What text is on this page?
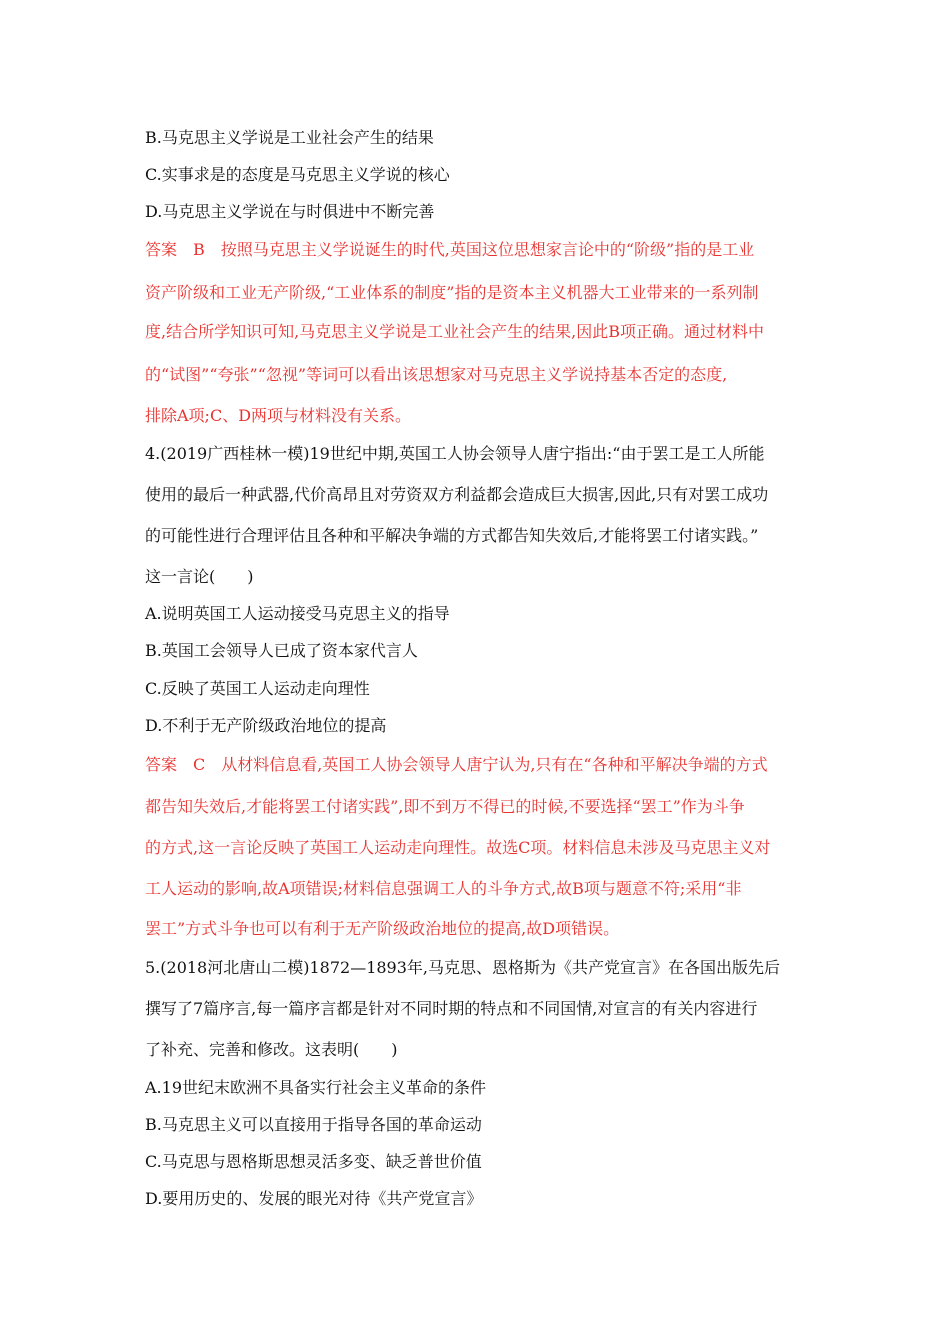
B.马克思主义学说是工业社会产生的结果
C.实事求是的态度是马克思主义学说的核心
D.马克思主义学说在与时俱进中不断完善
答案　B　按照马克思主义学说诞生的时代,英国这位思想家言论中的“阶级”指的是工业
资产阶级和工业无产阶级,“工业体系的制度”指的是资本主义机器大工业带来的一系列制
度,结合所学知识可知,马克思主义学说是工业社会产生的结果,因此B项正确。通过材料中
的“试图”“夸张”“忽视”等词可以看出该思想家对马克思主义学说持基本否定的态度,
排除A项;C、D两项与材料没有关系。
4.(2019广西桂林一模)19世纪中期,英国工人协会领导人唐宁指出:“由于罢工是工人所能
使用的最后一种武器,代价高昂且对劳资双方利益都会造成巨大损害,因此,只有对罢工成功
的可能性进行合理评估且各种和平解决争端的方式都告知失效后,才能将罢工付诸实践。”
这一言论(　　)
A.说明英国工人运动接受马克思主义的指导
B.英国工会领导人已成了资本家代言人
C.反映了英国工人运动走向理性
D.不利于无产阶级政治地位的提高
答案　C　从材料信息看,英国工人协会领导人唐宁认为,只有在“各种和平解决争端的方式
都告知失效后,才能将罢工付诸实践”,即不到万不得已的时候,不要选择“罢工”作为斗争
的方式,这一言论反映了英国工人运动走向理性。故选C项。材料信息未涉及马克思主义对
工人运动的影响,故A项错误;材料信息强调工人的斗争方式,故B项与题意不符;采用“非
罢工”方式斗争也可以有利于无产阶级政治地位的提高,故D项错误。
5.(2018河北唐山二模)1872—1893年,马克思、恩格斯为《共产党宣言》在各国出版先后
撰写了7篇序言,每一篇序言都是针对不同时期的特点和不同国情,对宣言的有关内容进行
了补充、完善和修改。这表明(　　)
A.19世纪末欧洲不具备实行社会主义革命的条件
B.马克思主义可以直接用于指导各国的革命运动
C.马克思与恩格斯思想灵活多变、缺乏普世价值
D.要用历史的、发展的眼光对待《共产党宣言》
